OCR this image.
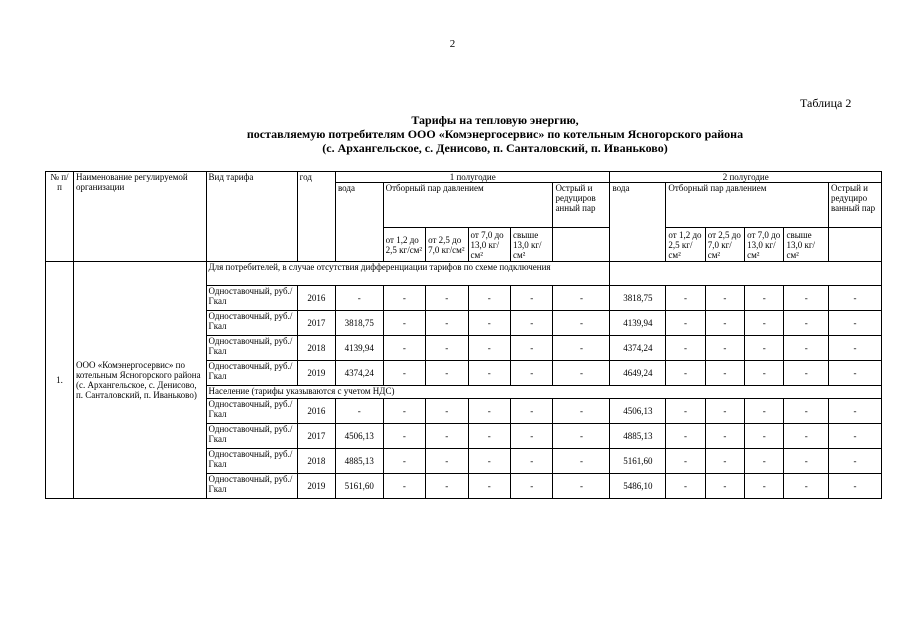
2
Таблица 2
Тарифы на тепловую энергию,
поставляемую потребителям ООО «Комэнергосервис» по котельным Ясногорского района
(с. Архангельское, с. Денисово, п. Санталовский, п. Иваньково)
№ п/п	Наименование регулируемой организации	Вид тарифа	год	1 полугодие						2 полугодие					
				вода	Отборный пар давлением				Острый и редуциров анный пар	вода	Отборный пар давлением				Острый и редуциро ванный пар
					от 1,2 до 2,5 кг/см²	от 2,5 до 7,0 кг/см²	от 7,0 до 13,0 кг/см²	свыше 13,0 кг/см²			от 1,2 до 2,5 кг/см²	от 2,5 до 7,0 кг/см²	от 7,0 до 13,0 кг/см²	свыше 13,0 кг/см²	
1.	ООО «Комэнергосервис» по котельным Ясногорского района (с. Архангельское, с. Денисово, п. Санталовский, п. Иваньково)	Для потребителей, в случае отсутствия дифференциации тарифов по схеме подключения													
		Одноставочный, руб./Гкал	2016	-	-	-	-	-	-	3818,75	-	-	-	-	-
		Одноставочный, руб./Гкал	2017	3818,75	-	-	-	-	-	4139,94	-	-	-	-	-
		Одноставочный, руб./Гкал	2018	4139,94	-	-	-	-	-	4374,24	-	-	-	-	-
		Одноставочный, руб./Гкал	2019	4374,24	-	-	-	-	-	4649,24	-	-	-	-	-
		Население (тарифы указываются с учетом НДС)													
		Одноставочный, руб./Гкал	2016	-	-	-	-	-	-	4506,13	-	-	-	-	-
		Одноставочный, руб./Гкал	2017	4506,13	-	-	-	-	-	4885,13	-	-	-	-	-
		Одноставочный, руб./Гкал	2018	4885,13	-	-	-	-	-	5161,60	-	-	-	-	-
		Одноставочный, руб./Гкал	2019	5161,60	-	-	-	-	-	5486,10	-	-	-	-	-
